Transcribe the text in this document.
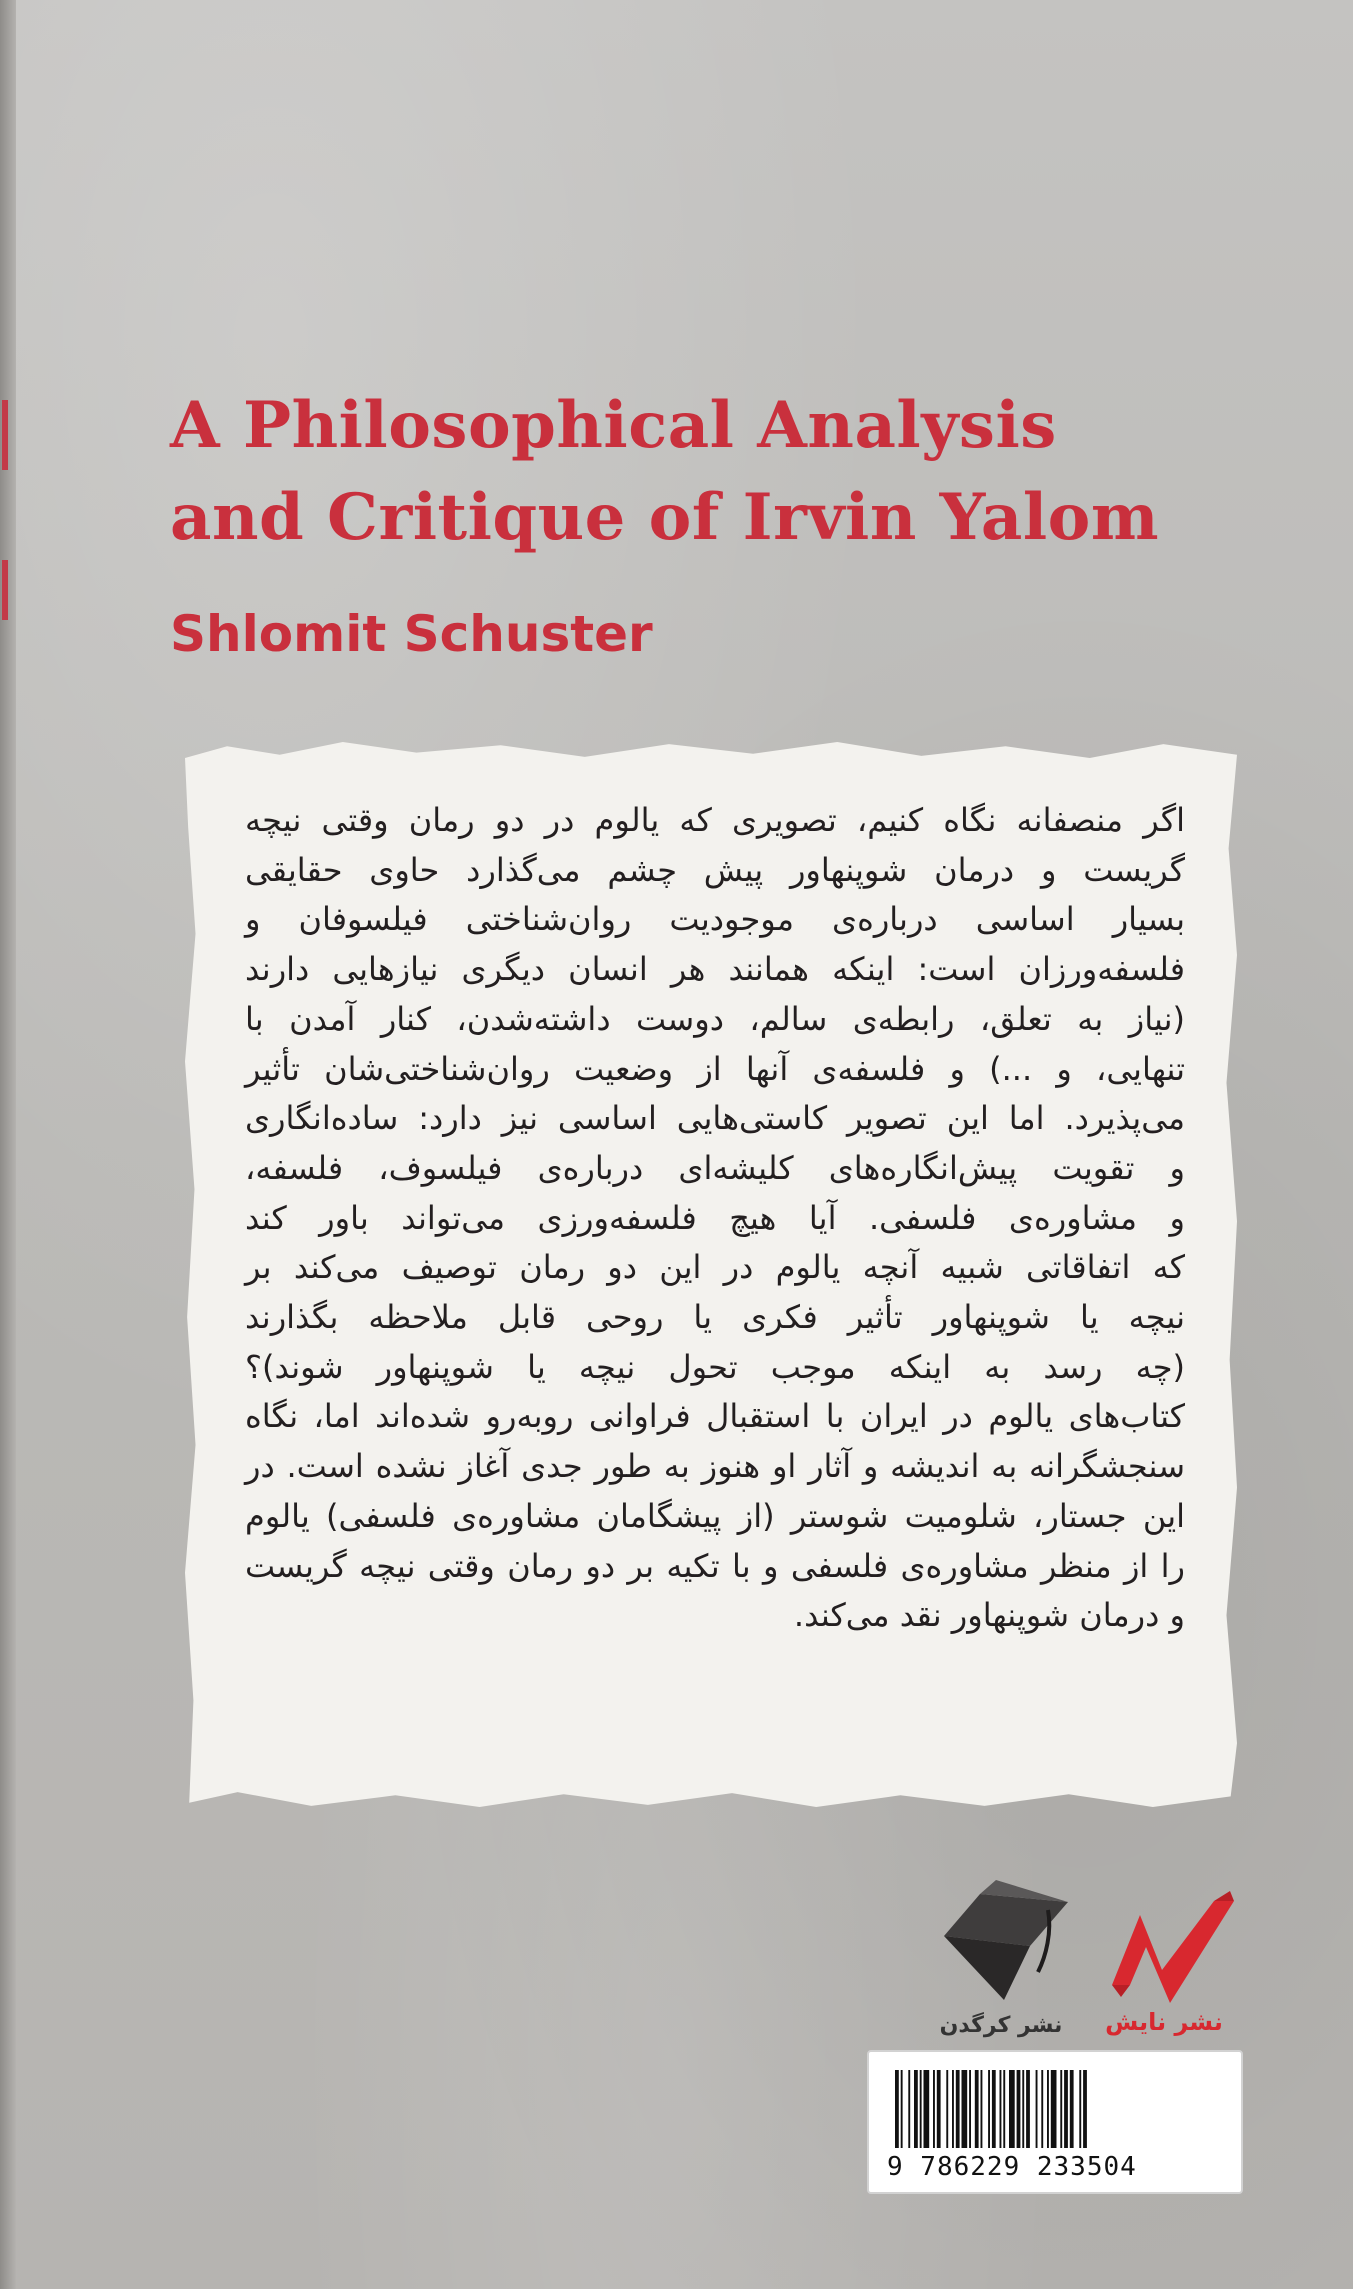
A Philosophical Analysis
and Critique of Irvin Yalom
Shlomit Schuster

اگر منصفانه نگاه کنیم، تصویری که یالوم در دو رمان وقتی نیچه
گریست و درمان شوپنهاور پیش چشم می‌گذارد حاوی حقایقی
بسیار اساسی درباره‌ی موجودیت روان‌شناختی فیلسوفان و
فلسفه‌ورزان است: اینکه همانند هر انسان دیگری نیازهایی دارند
(نیاز به تعلق، رابطه‌ی سالم، دوست داشته‌شدن، کنار آمدن با
تنهایی، و ...) و فلسفه‌ی آنها از وضعیت روان‌شناختی‌شان تأثیر
می‌پذیرد. اما این تصویر کاستی‌هایی اساسی نیز دارد: ساده‌انگاری
و تقویت پیش‌انگاره‌های کلیشه‌ای درباره‌ی فیلسوف، فلسفه،
و مشاوره‌ی فلسفی. آیا هیچ فلسفه‌ورزی می‌تواند باور کند
که اتفاقاتی شبیه آنچه یالوم در این دو رمان توصیف می‌کند بر
نیچه یا شوپنهاور تأثیر فکری یا روحی قابل ملاحظه بگذارند
(چه رسد به اینکه موجب تحول نیچه یا شوپنهاور شوند)؟
کتاب‌های یالوم در ایران با استقبال فراوانی روبه‌رو شده‌اند اما، نگاه
سنجشگرانه به اندیشه و آثار او هنوز به طور جدی آغاز نشده است. در
این جستار، شلومیت شوستر (از پیشگامان مشاوره‌ی فلسفی) یالوم
را از منظر مشاوره‌ی فلسفی و با تکیه بر دو رمان وقتی نیچه گریست
و درمان شوپنهاور نقد می‌کند.

نشر کرگدن نشر نایش
9 786229 233504
